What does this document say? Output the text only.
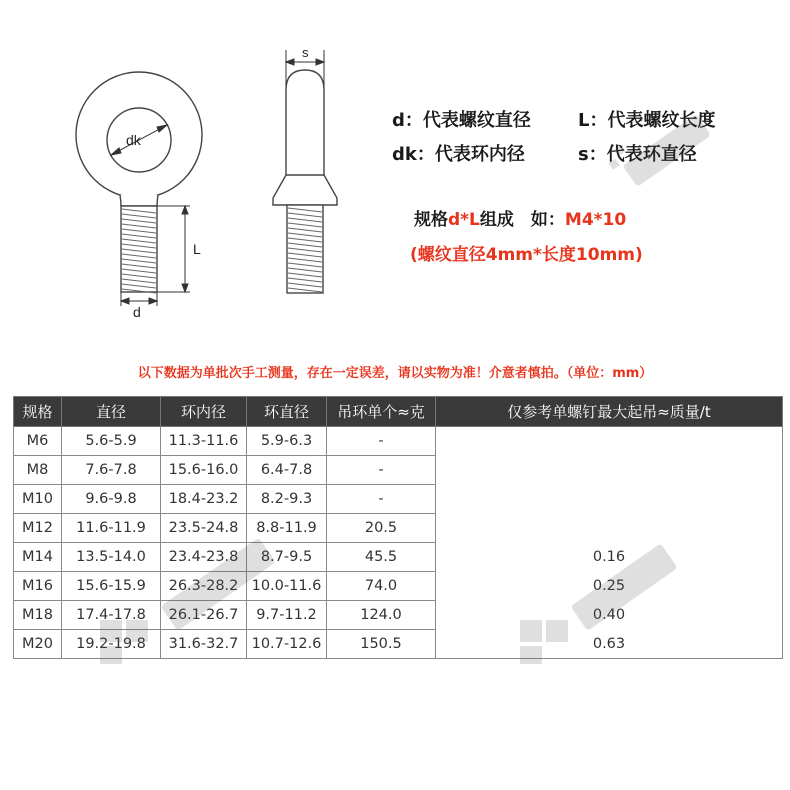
dk
L
d
s
d：代表螺纹直径	L：代表螺纹长度
dk：代表环内径	s：代表环直径
规格d*L组成　如：M4*10
(螺纹直径4mm*长度10mm)
以下数据为单批次手工测量，存在一定误差，请以实物为准！介意者慎拍。（单位：mm）
规格	直径	环内径	环直径	吊环单个≈克	仅参考单螺钉最大起吊≈质量/t
M6	5.6-5.9	11.3-11.6	5.9-6.3	-	
M8	7.6-7.8	15.6-16.0	6.4-7.8	-	
M10	9.6-9.8	18.4-23.2	8.2-9.3	-	
M12	11.6-11.9	23.5-24.8	8.8-11.9	20.5	
M14	13.5-14.0	23.4-23.8	8.7-9.5	45.5	0.16
M16	15.6-15.9	26.3-28.2	10.0-11.6	74.0	0.25
M18	17.4-17.8	26.1-26.7	9.7-11.2	124.0	0.40
M20	19.2-19.8	31.6-32.7	10.7-12.6	150.5	0.63
